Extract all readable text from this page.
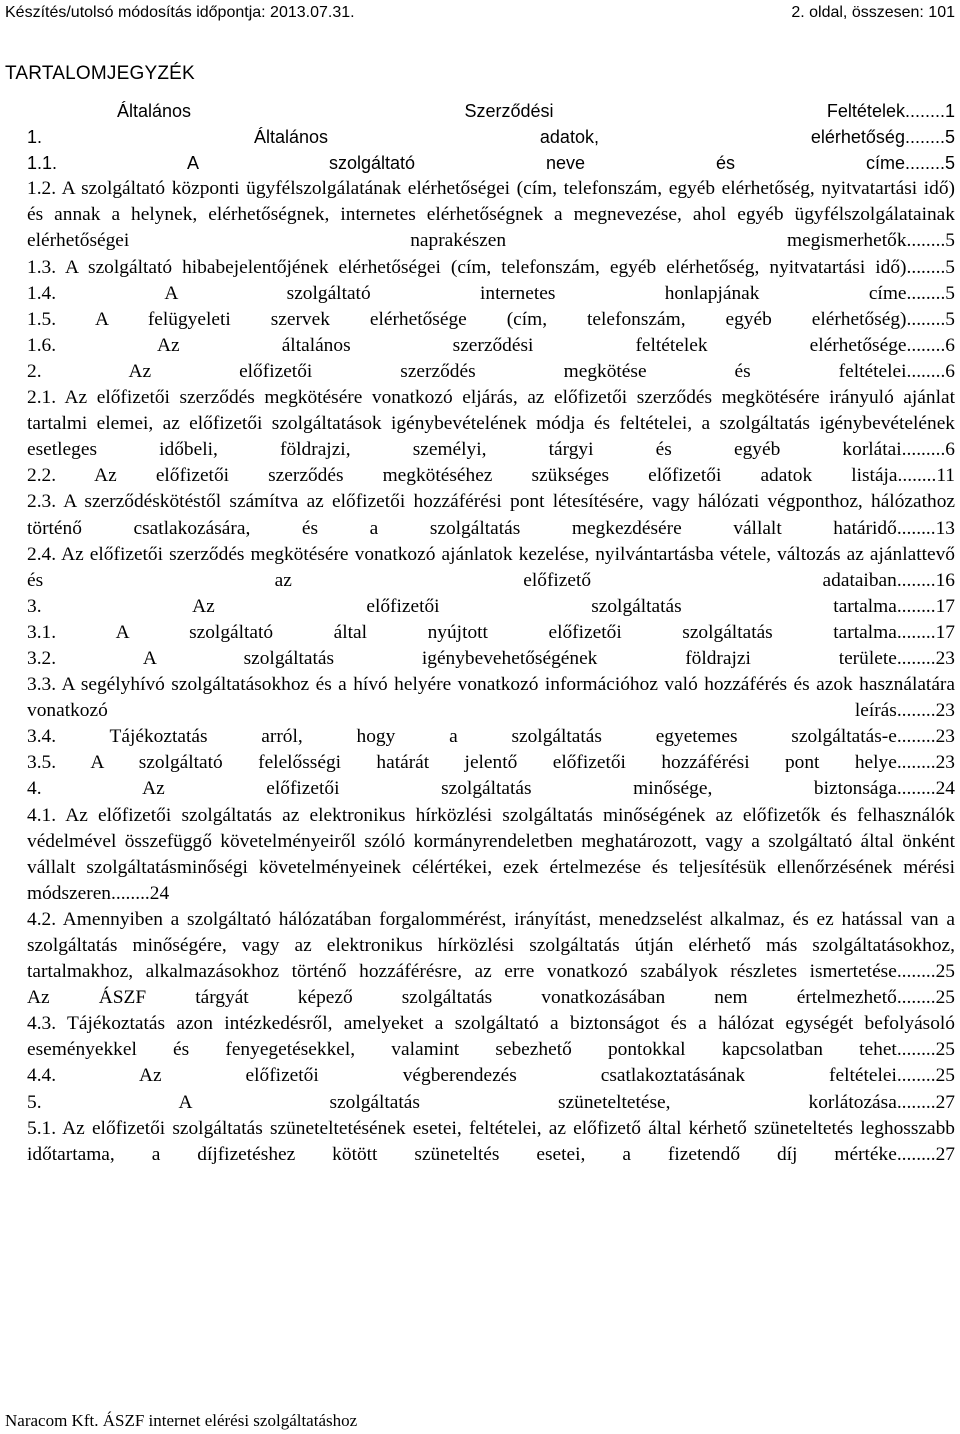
Készítés/utolsó módosítás időpontja: 2013.07.31.	2. oldal, összesen: 101
TARTALOMJEGYZÉK
Általános Szerződési Feltételek........1
1. Általános adatok, elérhetőség........5
1.1. A szolgáltató neve és címe........5
1.2. A szolgáltató központi ügyfélszolgálatának elérhetőségei (cím, telefonszám, egyéb elérhetőség, nyitvatartási idő) és annak a helynek, elérhetőségnek, internetes elérhetőségnek a megnevezése, ahol egyéb ügyfélszolgálatainak elérhetőségei naprakészen megismerhetők........5
1.3. A szolgáltató hibabejelentőjének elérhetőségei (cím, telefonszám, egyéb elérhetőség, nyitvatartási idő)........5
1.4. A szolgáltató internetes honlapjának címe........5
1.5. A felügyeleti szervek elérhetősége (cím, telefonszám, egyéb elérhetőség)........5
1.6. Az általános szerződési feltételek elérhetősége........6
2. Az előfizetői szerződés megkötése és feltételei........6
2.1. Az előfizetői szerződés megkötésére vonatkozó eljárás, az előfizetői szerződés megkötésére irányuló ajánlat tartalmi elemei, az előfizetői szolgáltatások igénybevételének módja és feltételei, a szolgáltatás igénybevételének esetleges időbeli, földrajzi, személyi, tárgyi és egyéb korlátai.........6
2.2. Az előfizetői szerződés megkötéséhez szükséges előfizetői adatok listája........11
2.3. A szerződéskötéstől számítva az előfizetői hozzáférési pont létesítésére, vagy hálózati végponthoz, hálózathoz történő csatlakozására, és a szolgáltatás megkezdésére vállalt határidő........13
2.4. Az előfizetői szerződés megkötésére vonatkozó ajánlatok kezelése, nyilvántartásba vétele, változás az ajánlattevő és az előfizető adataiban........16
3. Az előfizetői szolgáltatás tartalma........17
3.1. A szolgáltató által nyújtott előfizetői szolgáltatás tartalma........17
3.2. A szolgáltatás igénybevehetőségének földrajzi területe........23
3.3. A segélyhívó szolgáltatásokhoz és a hívó helyére vonatkozó információhoz való hozzáférés és azok használatára vonatkozó leírás........23
3.4. Tájékoztatás arról, hogy a szolgáltatás egyetemes szolgáltatás-e........23
3.5. A szolgáltató felelősségi határát jelentő előfizetői hozzáférési pont helye........23
4. Az előfizetői szolgáltatás minősége, biztonsága........24
4.1. Az előfizetői szolgáltatás az elektronikus hírközlési szolgáltatás minőségének az előfizetők és felhasználók védelmével összefüggő követelményeiről szóló kormányrendeletben meghatározott, vagy a szolgáltató által önként vállalt szolgáltatásminőségi követelményeinek célértékei, ezek értelmezése és teljesítésük ellenőrzésének mérési módszeren........24
4.2. Amennyiben a szolgáltató hálózatában forgalommérést, irányítást, menedzselést alkalmaz, és ez hatással van a szolgáltatás minőségére, vagy az elektronikus hírközlési szolgáltatás útján elérhető más szolgáltatásokhoz, tartalmakhoz, alkalmazásokhoz történő hozzáférésre, az erre vonatkozó szabályok részletes ismertetése........25
Az ÁSZF tárgyát képező szolgáltatás vonatkozásában nem értelmezhető........25
4.3. Tájékoztatás azon intézkedésről, amelyeket a szolgáltató a biztonságot és a hálózat egységét befolyásoló eseményekkel és fenyegetésekkel, valamint sebezhető pontokkal kapcsolatban tehet........25
4.4. Az előfizetői végberendezés csatlakoztatásának feltételei........25
5. A szolgáltatás szüneteltetése, korlátozása........27
5.1. Az előfizetői szolgáltatás szüneteltetésének esetei, feltételei, az előfizető által kérhető szüneteltetés leghosszabb időtartama, a díjfizetéshez kötött szüneteltés esetei, a fizetendő díj mértéke........27
Naracom Kft. ÁSZF internet elérési szolgáltatáshoz
